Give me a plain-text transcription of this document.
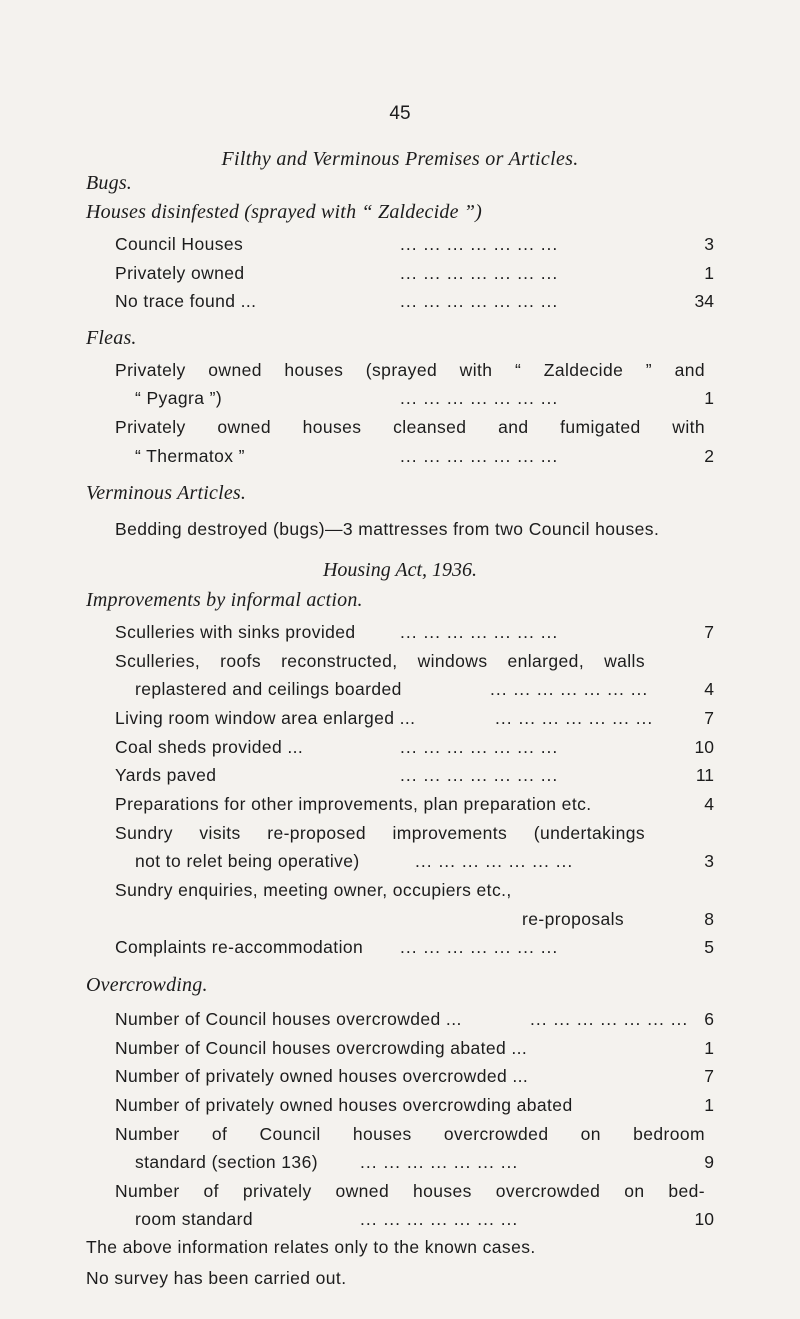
45
Filthy and Verminous Premises or Articles.
Bugs.
Houses disinfested (sprayed with “ Zaldecide ”)
Council Houses	... ... ... ... ... ... ...	3
Privately owned	... ... ... ... ... ... ...	1
No trace found ...	... ... ... ... ... ... ...	34
Fleas.
Privately owned houses (sprayed with “ Zaldecide ” and
“ Pyagra ”)	... ... ... ... ... ... ...	1
Privately owned houses cleansed and fumigated with
“ Thermatox ”	... ... ... ... ... ... ...	2
Verminous Articles.
Bedding destroyed (bugs)—3 mattresses from two Council houses.
Housing Act, 1936.
Improvements by informal action.
Sculleries with sinks provided	... ... ... ... ... ... ...	7
Sculleries, roofs reconstructed, windows enlarged, walls
replastered and ceilings boarded	... ... ... ... ... ... ...	4
Living room window area enlarged ...	... ... ... ... ... ... ...	7
Coal sheds provided ...	... ... ... ... ... ... ...	10
Yards paved	... ... ... ... ... ... ...	11
Preparations for other improvements, plan preparation etc.	4
Sundry visits re-proposed improvements (undertakings
not to relet being operative)	... ... ... ... ... ... ...	3
Sundry enquiries, meeting owner, occupiers etc.,
re-proposals	8
Complaints re-accommodation ... ... ... ... ... ... ...	5
Overcrowding.
Number of Council houses overcrowded ...	... ... ... ... ... ... ... 6
Number of Council houses overcrowding abated ...	1
Number of privately owned houses overcrowded ...	7
Number of privately owned houses overcrowding abated	1
Number of Council houses overcrowded on bedroom
standard (section 136) ... ... ... ... ... ... ...	9
Number of privately owned houses overcrowded on bed-
room standard	... ... ... ... ... ... ...	10
The above information relates only to the known cases.
No survey has been carried out.
